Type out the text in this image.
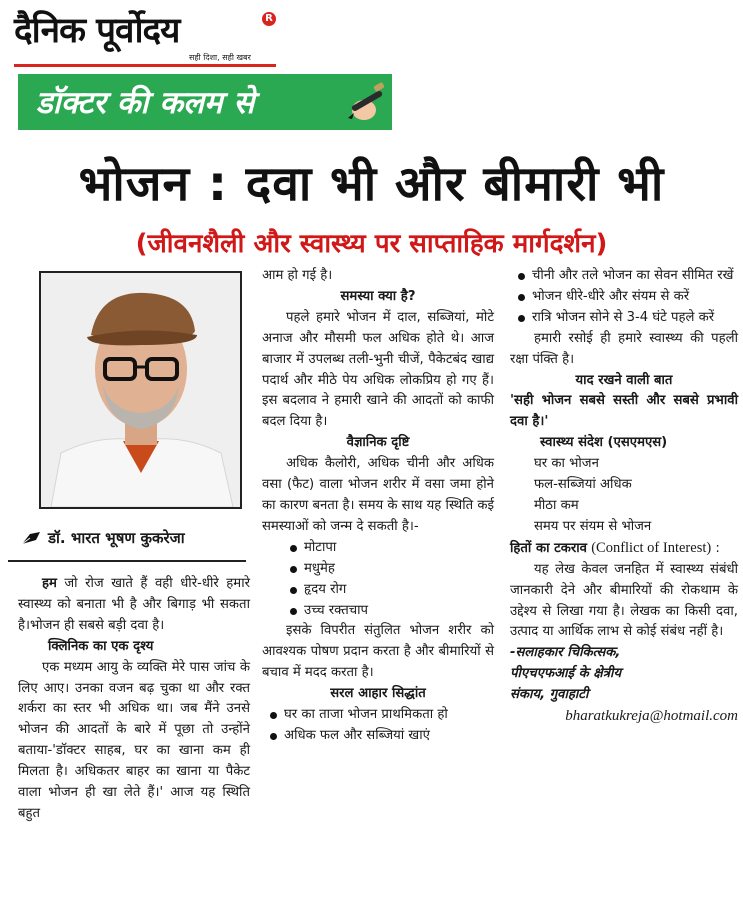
दैनिक पूर्वोदय	R
सही दिशा, सही खबर
डॉक्टर की कलम से
भोजन : दवा भी और बीमारी भी
(जीवनशैली और स्वास्थ्य पर साप्ताहिक मार्गदर्शन)
डॉ. भारत भूषण कुकरेजा

हम जो रोज खाते हैं वही धीरे-धीरे हमारे स्वास्थ्य को बनाता भी है और बिगाड़ भी सकता है।भोजन ही सबसे बड़ी दवा है।

क्लिनिक का एक दृश्य

एक मध्यम आयु के व्यक्ति मेरे पास जांच के लिए आए। उनका वजन बढ़ चुका था और रक्त शर्करा का स्तर भी अधिक था। जब मैंने उनसे भोजन की आदतों के बारे में पूछा तो उन्होंने बताया-'डॉक्टर साहब, घर का खाना कम ही मिलता है। अधिकतर बाहर का खाना या पैकेट वाला भोजन ही खा लेते हैं।' आज यह स्थिति बहुत

आम हो गई है।

समस्या क्या है?

पहले हमारे भोजन में दाल, सब्जियां, मोटे अनाज और मौसमी फल अधिक होते थे। आज बाजार में उपलब्ध तली-भुनी चीजें, पैकेटबंद खाद्य पदार्थ और मीठे पेय अधिक लोकप्रिय हो गए हैं। इस बदलाव ने हमारी खाने की आदतों को काफी बदल दिया है।

वैज्ञानिक दृष्टि

अधिक कैलोरी, अधिक चीनी और अधिक वसा (फैट) वाला भोजन शरीर में वसा जमा होने का कारण बनता है। समय के साथ यह स्थिति कई समस्याओं को जन्म दे सकती है।-

मोटापा
मधुमेह
हृदय रोग
उच्च रक्तचाप

इसके विपरीत संतुलित भोजन शरीर को आवश्यक पोषण प्रदान करता है और बीमारियों से बचाव में मदद करता है।

सरल आहार सिद्धांत

घर का ताजा भोजन प्राथमिकता हो
अधिक फल और सब्जियां खाएं
चीनी और तले भोजन का सेवन सीमित रखें
भोजन धीरे-धीरे और संयम से करें
रात्रि भोजन सोने से 3-4 घंटे पहले करें

हमारी रसोई ही हमारे स्वास्थ्य की पहली रक्षा पंक्ति है।

याद रखने वाली बात

'सही भोजन सबसे सस्ती और सबसे प्रभावी दवा है।'

स्वास्थ्य संदेश (एसएमएस)

घर का भोजन

फल-सब्जियां अधिक

मीठा कम

समय पर संयम से भोजन

हितों का टकराव (Conflict of Interest) :

यह लेख केवल जनहित में स्वास्थ्य संबंधी जानकारी देने और बीमारियों की रोकथाम के उद्देश्य से लिखा गया है। लेखक का किसी दवा, उत्पाद या आर्थिक लाभ से कोई संबंध नहीं है।

-सलाहकार चिकित्सक,

पीएचएफआई के क्षेत्रीय

संकाय, गुवाहाटी

bharatkukreja@hotmail.com
